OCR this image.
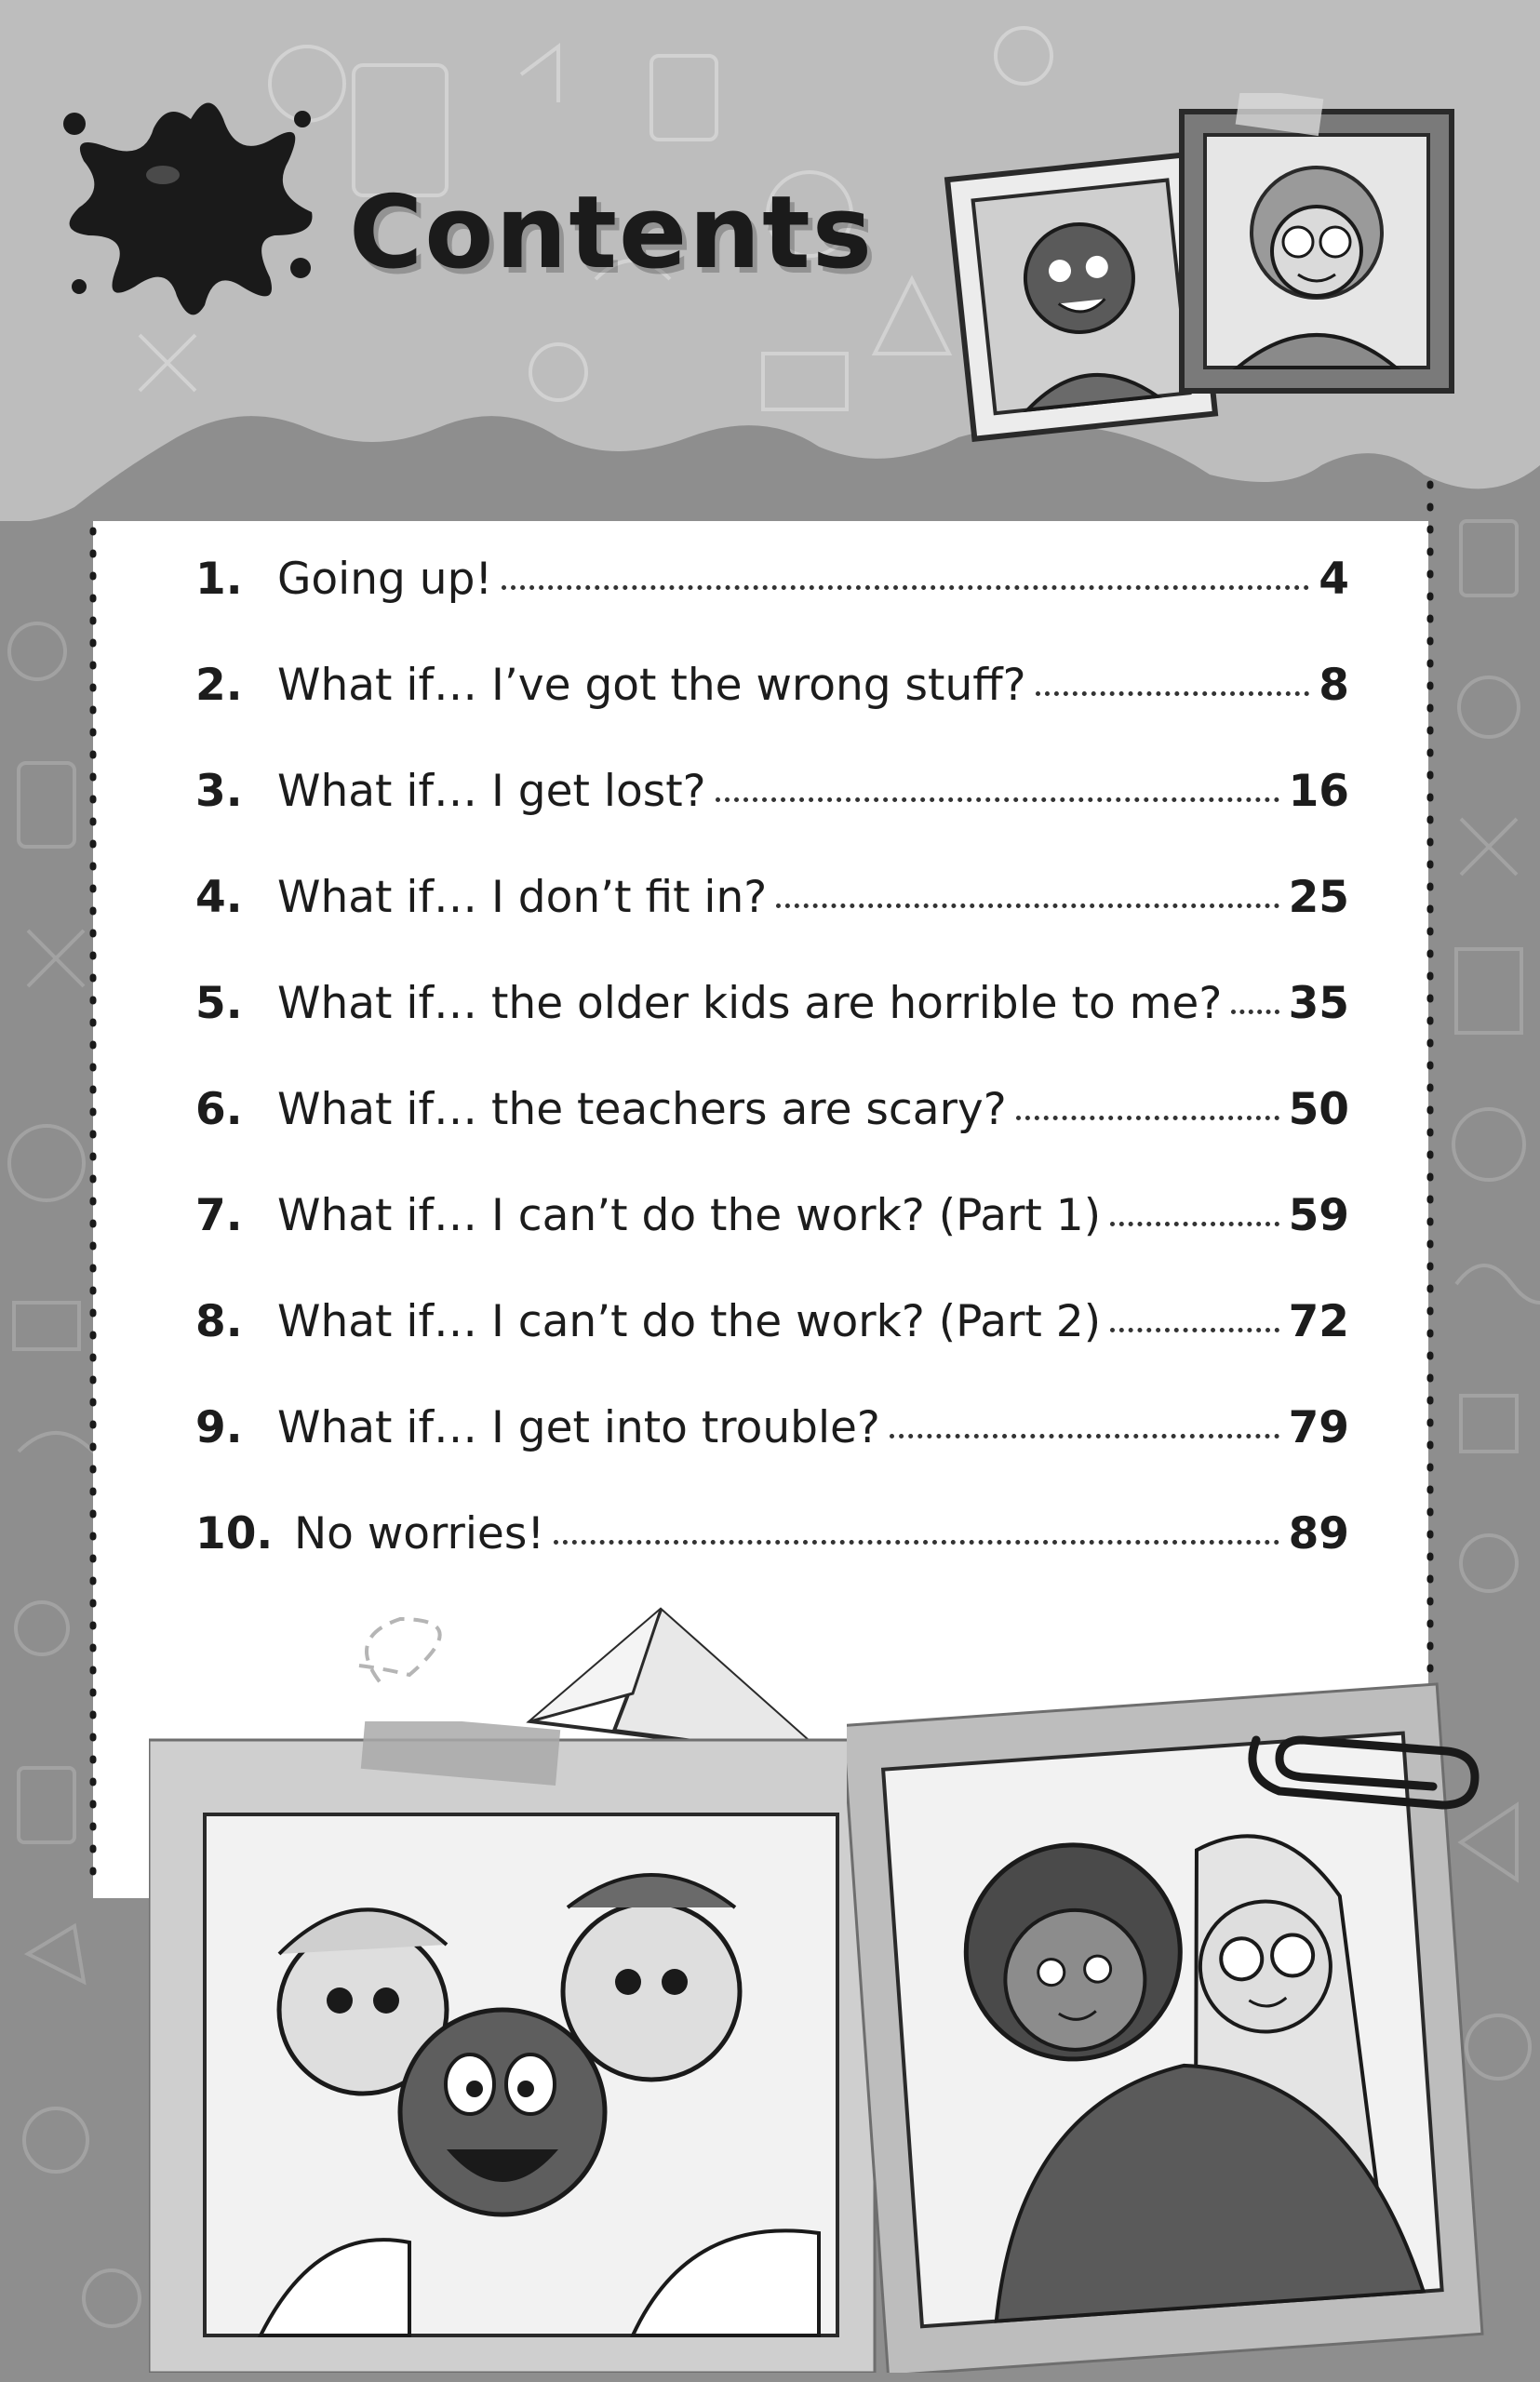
Contents
1. Going up!	4
2. What if… I’ve got the wrong stuff?	8
3. What if… I get lost?	16
4. What if… I don’t fit in?	25
5. What if… the older kids are horrible to me? 35
6. What if… the teachers are scary?	50
7. What if… I can’t do the work? (Part 1)	59
8. What if… I can’t do the work? (Part 2)	72
9. What if… I get into trouble?	79
10. No worries!	89
